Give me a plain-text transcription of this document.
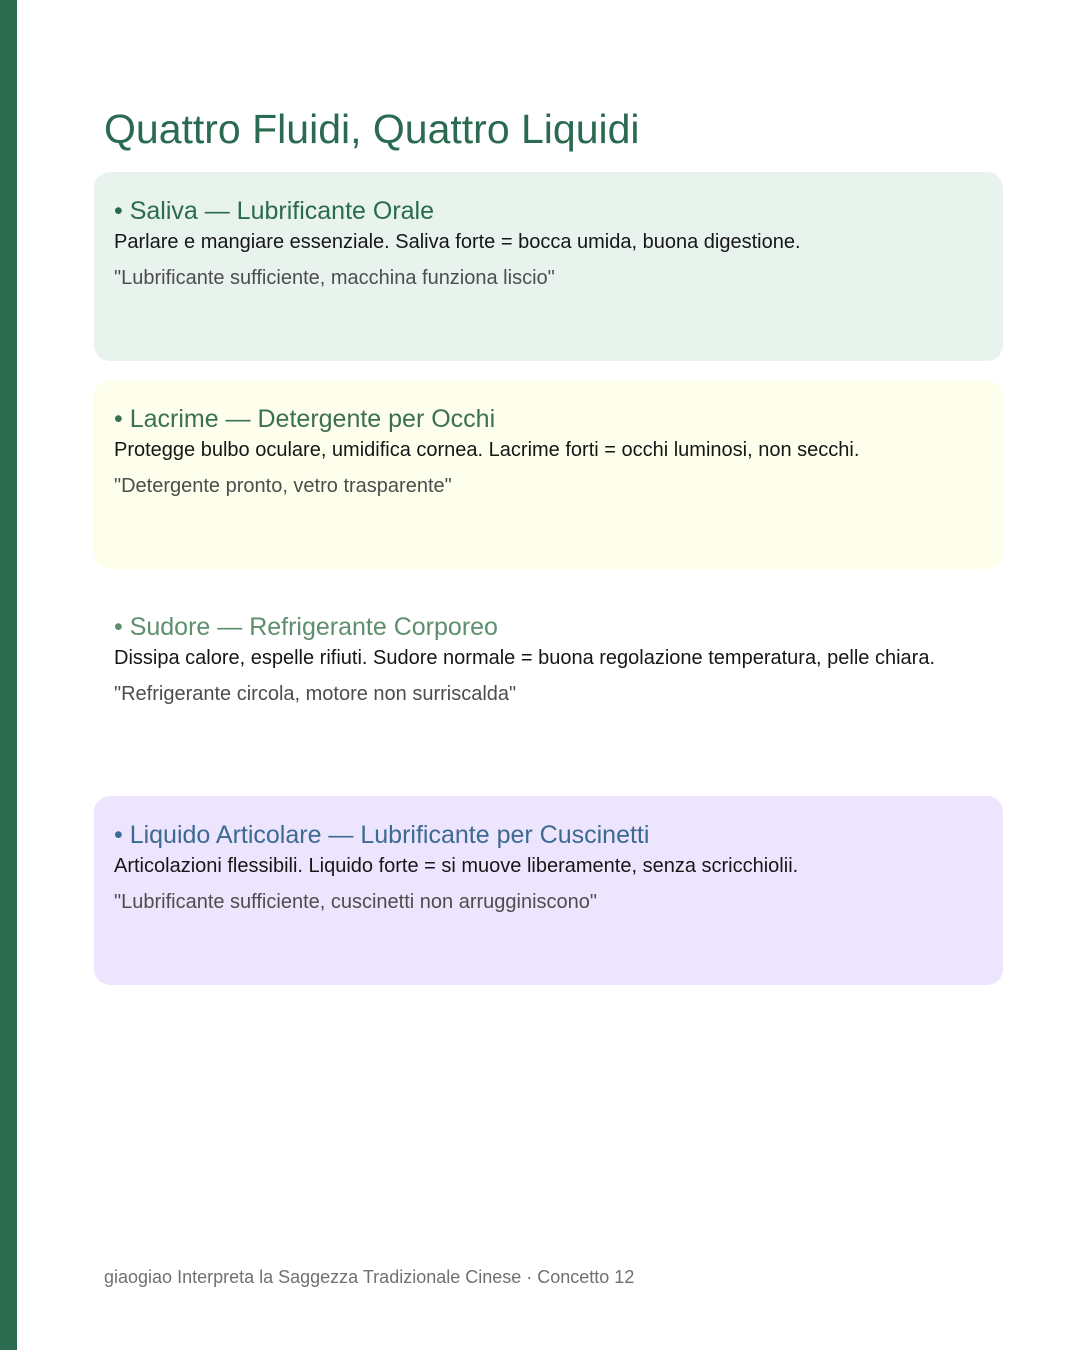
Quattro Fluidi, Quattro Liquidi
• Saliva — Lubrificante Orale
Parlare e mangiare essenziale. Saliva forte = bocca umida, buona digestione.
"Lubrificante sufficiente, macchina funziona liscio"
• Lacrime — Detergente per Occhi
Protegge bulbo oculare, umidifica cornea. Lacrime forti = occhi luminosi, non secchi.
"Detergente pronto, vetro trasparente"
• Sudore — Refrigerante Corporeo
Dissipa calore, espelle rifiuti. Sudore normale = buona regolazione temperatura, pelle chiara.
"Refrigerante circola, motore non surriscalda"
• Liquido Articolare — Lubrificante per Cuscinetti
Articolazioni flessibili. Liquido forte = si muove liberamente, senza scricchiolii.
"Lubrificante sufficiente, cuscinetti non arrugginiscono"
giaogiao Interpreta la Saggezza Tradizionale Cinese · Concetto 12
